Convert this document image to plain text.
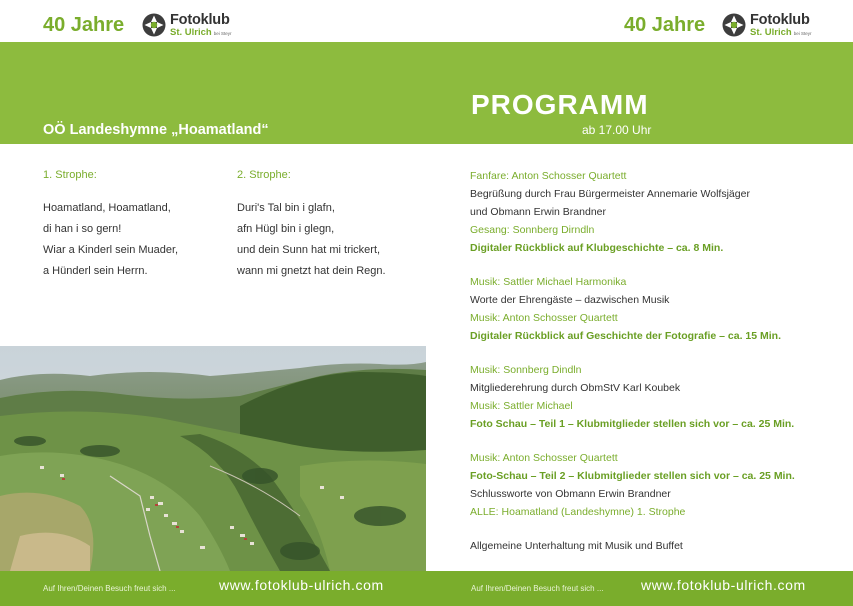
40 Jahre	Fotoklub
St. Ulrich bei Steyr	40 Jahre	Fotoklub
St. Ulrich bei Steyr
OÖ Landeshymne „Hoamatland“
PROGRAMM
ab 17.00 Uhr
1. Strophe:
Hoamatland, Hoamatland,
di han i so gern!
Wiar a Kinderl sein Muader,
a Hünderl sein Herrn.
2. Strophe:
Duri's Tal bin i glafn,
afn Hügl bin i glegn,
und dein Sunn hat mi trickert,
wann mi gnetzt hat dein Regn.
Fanfare: Anton Schosser Quartett
Begrüßung durch Frau Bürgermeister Annemarie Wolfsjäger
und Obmann Erwin Brandner
Gesang: Sonnberg Dirndln
Digitaler Rückblick auf Klubgeschichte – ca. 8 Min.
Musik: Sattler Michael Harmonika
Worte der Ehrengäste – dazwischen Musik
Musik: Anton Schosser Quartett
Digitaler Rückblick auf Geschichte der Fotografie – ca. 15 Min.
Musik: Sonnberg Dindln
Mitgliederehrung durch ObmStV Karl Koubek
Musik: Sattler Michael
Foto Schau – Teil 1 – Klubmitglieder stellen sich vor – ca. 25 Min.
Musik: Anton Schosser Quartett
Foto-Schau – Teil 2 – Klubmitglieder stellen sich vor – ca. 25 Min.
Schlussworte von Obmann Erwin Brandner
ALLE: Hoamatland (Landeshymne) 1. Strophe
Allgemeine Unterhaltung mit Musik und Buffet
Auf Ihren/Deinen Besuch freut sich ...	www.fotoklub-ulrich.com	Auf Ihren/Deinen Besuch freut sich ...	www.fotoklub-ulrich.com
